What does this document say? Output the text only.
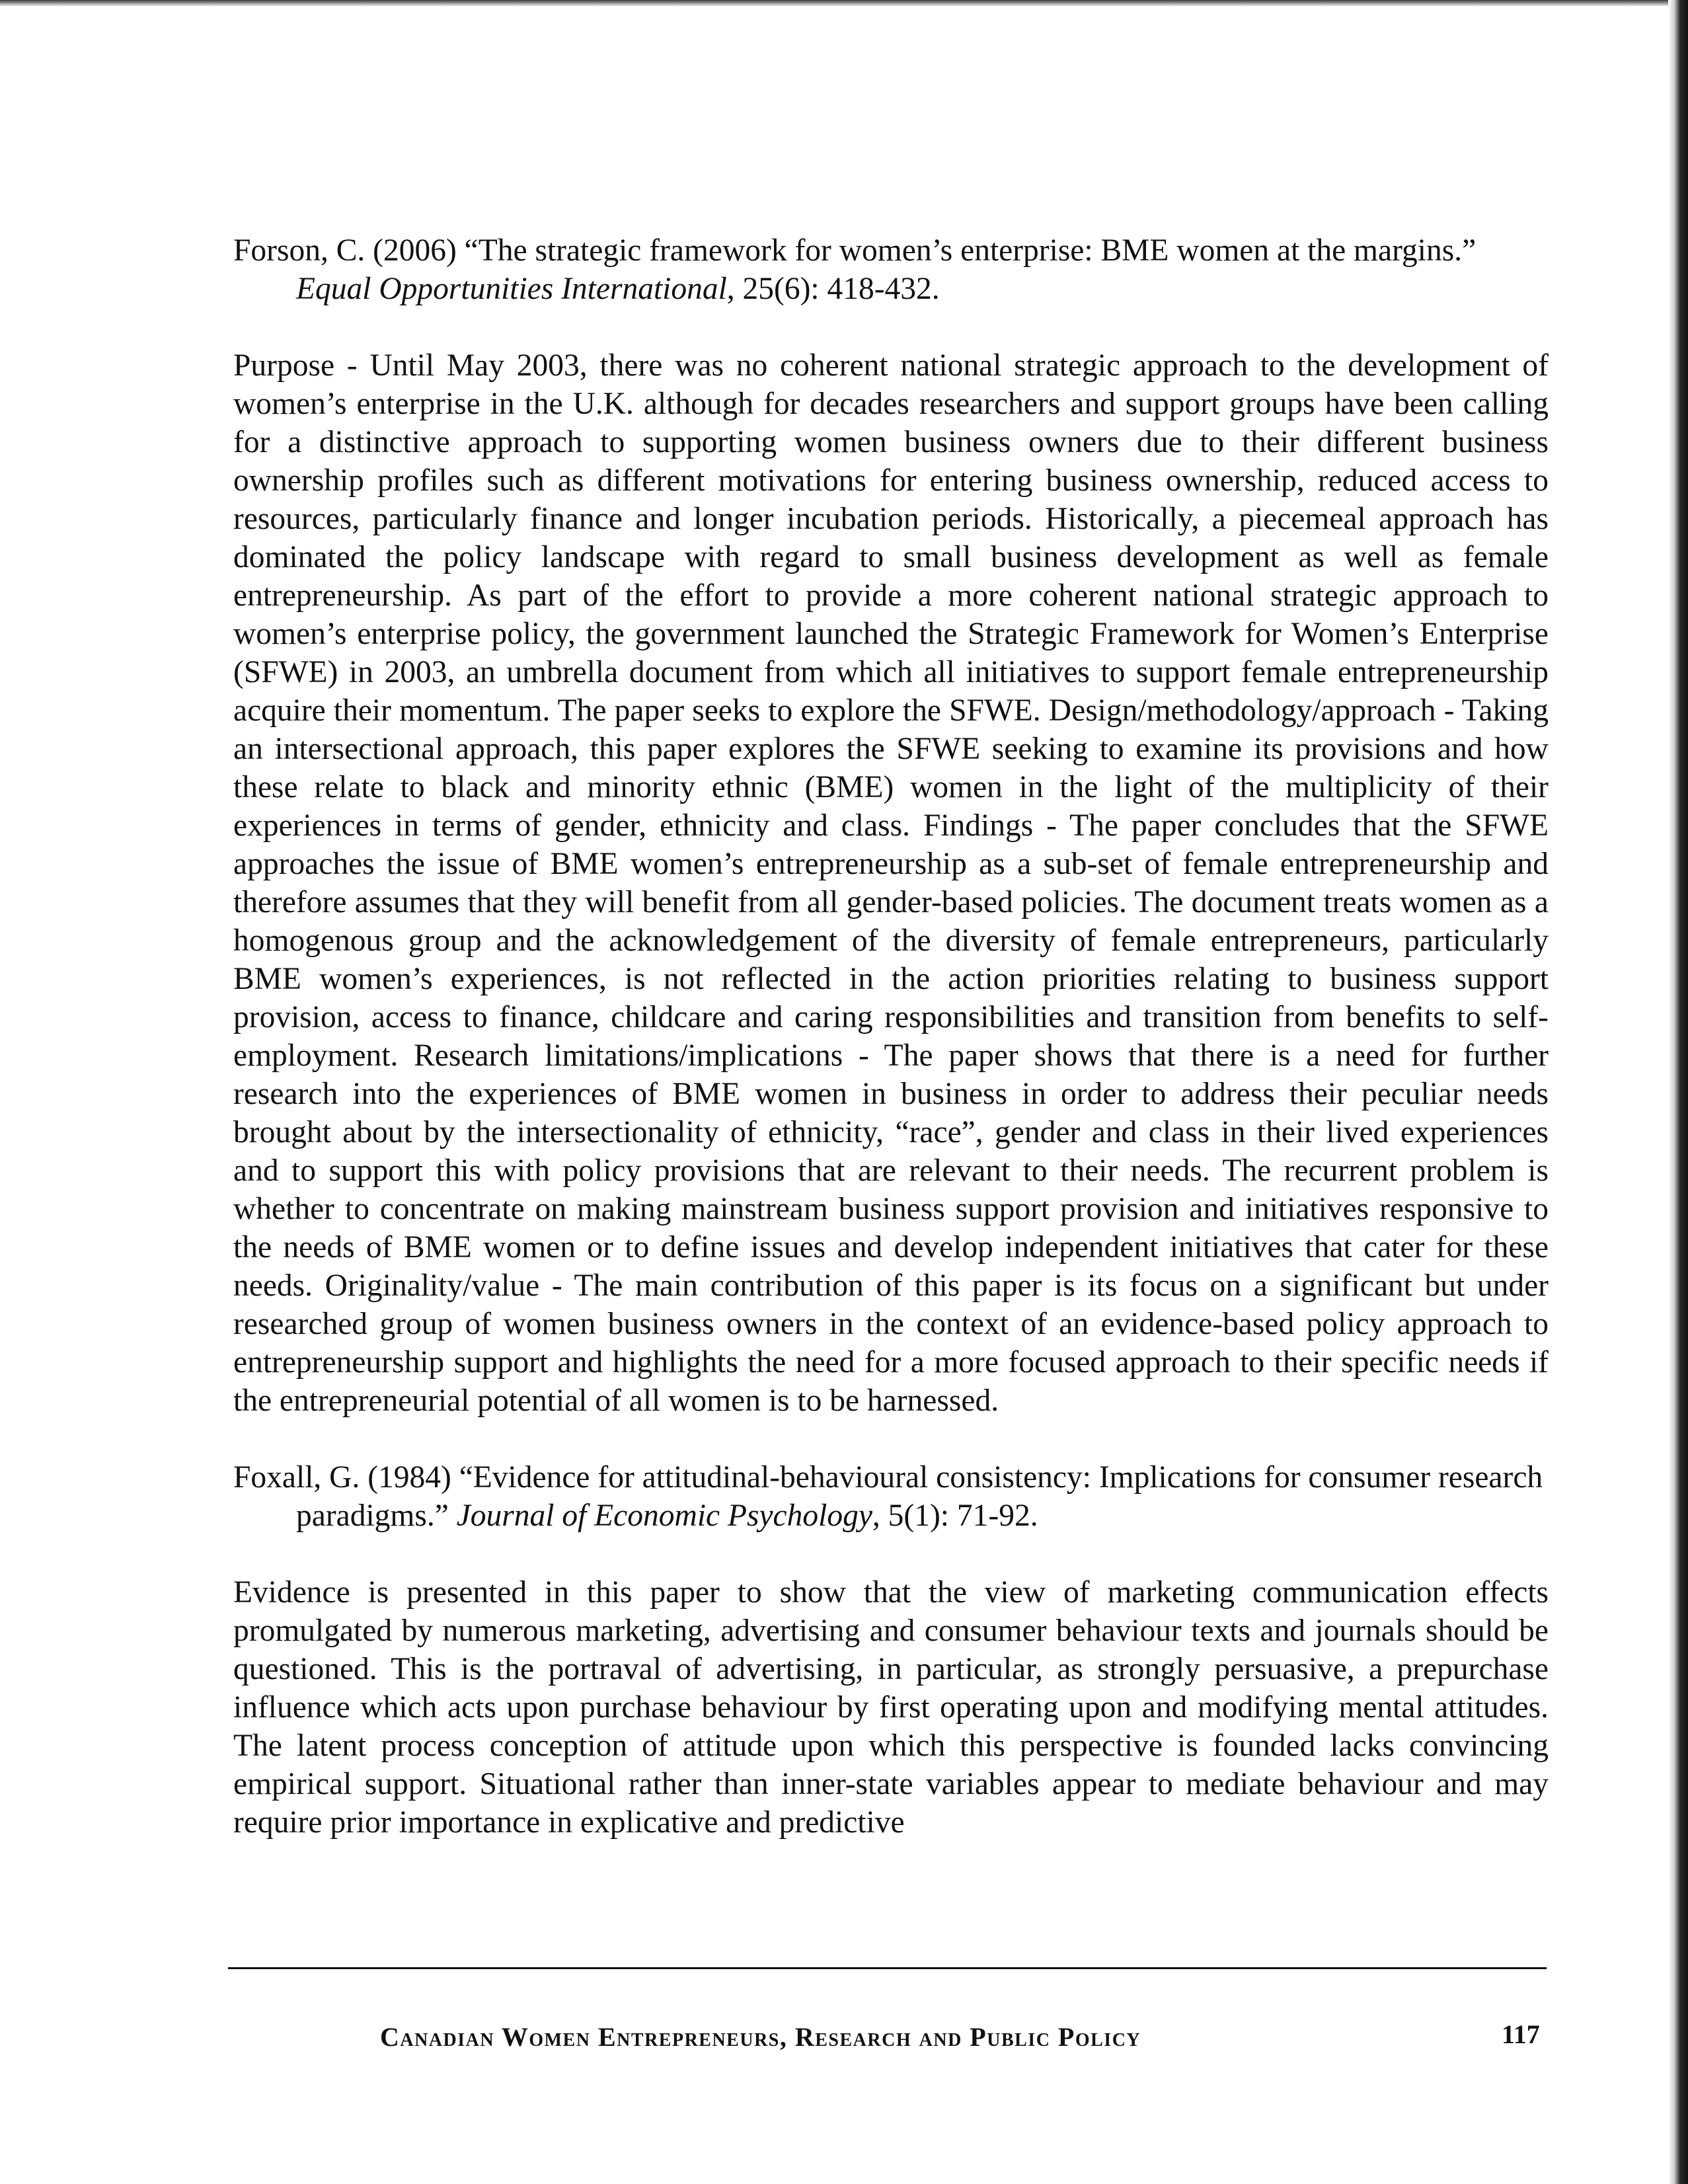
Forson, C. (2006) “The strategic framework for women’s enterprise: BME women at the margins.” Equal Opportunities International, 25(6): 418-432.

Purpose - Until May 2003, there was no coherent national strategic approach to the development of women’s enterprise in the U.K. although for decades researchers and support groups have been calling for a distinctive approach to supporting women business owners due to their different business ownership profiles such as different motivations for entering business ownership, reduced access to resources, particularly finance and longer incubation periods. Historically, a piecemeal approach has dominated the policy landscape with regard to small business development as well as female entrepreneurship. As part of the effort to provide a more coherent national strategic approach to women’s enterprise policy, the government launched the Strategic Framework for Women’s Enterprise (SFWE) in 2003, an umbrella document from which all initiatives to support female entrepreneurship acquire their momentum. The paper seeks to explore the SFWE. Design/methodology/approach - Taking an intersectional approach, this paper explores the SFWE seeking to examine its provisions and how these relate to black and minority ethnic (BME) women in the light of the multiplicity of their experiences in terms of gender, ethnicity and class. Findings - The paper concludes that the SFWE approaches the issue of BME women’s entrepreneurship as a sub-set of female entrepreneurship and therefore assumes that they will benefit from all gender-based policies. The document treats women as a homogenous group and the acknowledgement of the diversity of female entrepreneurs, particularly BME women’s experiences, is not reflected in the action priorities relating to business support provision, access to finance, childcare and caring responsibilities and transition from benefits to self-employment. Research limitations/implications - The paper shows that there is a need for further research into the experiences of BME women in business in order to address their peculiar needs brought about by the intersectionality of ethnicity, “race”, gender and class in their lived experiences and to support this with policy provisions that are relevant to their needs. The recurrent problem is whether to concentrate on making mainstream business support provision and initiatives responsive to the needs of BME women or to define issues and develop independent initiatives that cater for these needs. Originality/value - The main contribution of this paper is its focus on a significant but under researched group of women business owners in the context of an evidence-based policy approach to entrepreneurship support and highlights the need for a more focused approach to their specific needs if the entrepreneurial potential of all women is to be harnessed.

Foxall, G. (1984) “Evidence for attitudinal-behavioural consistency: Implications for consumer research paradigms.” Journal of Economic Psychology, 5(1): 71-92.

Evidence is presented in this paper to show that the view of marketing communication effects promulgated by numerous marketing, advertising and consumer behaviour texts and journals should be questioned. This is the portraval of advertising, in particular, as strongly persuasive, a prepurchase influence which acts upon purchase behaviour by first operating upon and modifying mental attitudes. The latent process conception of attitude upon which this perspective is founded lacks convincing empirical support. Situational rather than inner-state variables appear to mediate behaviour and may require prior importance in explicative and predictive

Canadian Women Entrepreneurs, Research and Public Policy	117
